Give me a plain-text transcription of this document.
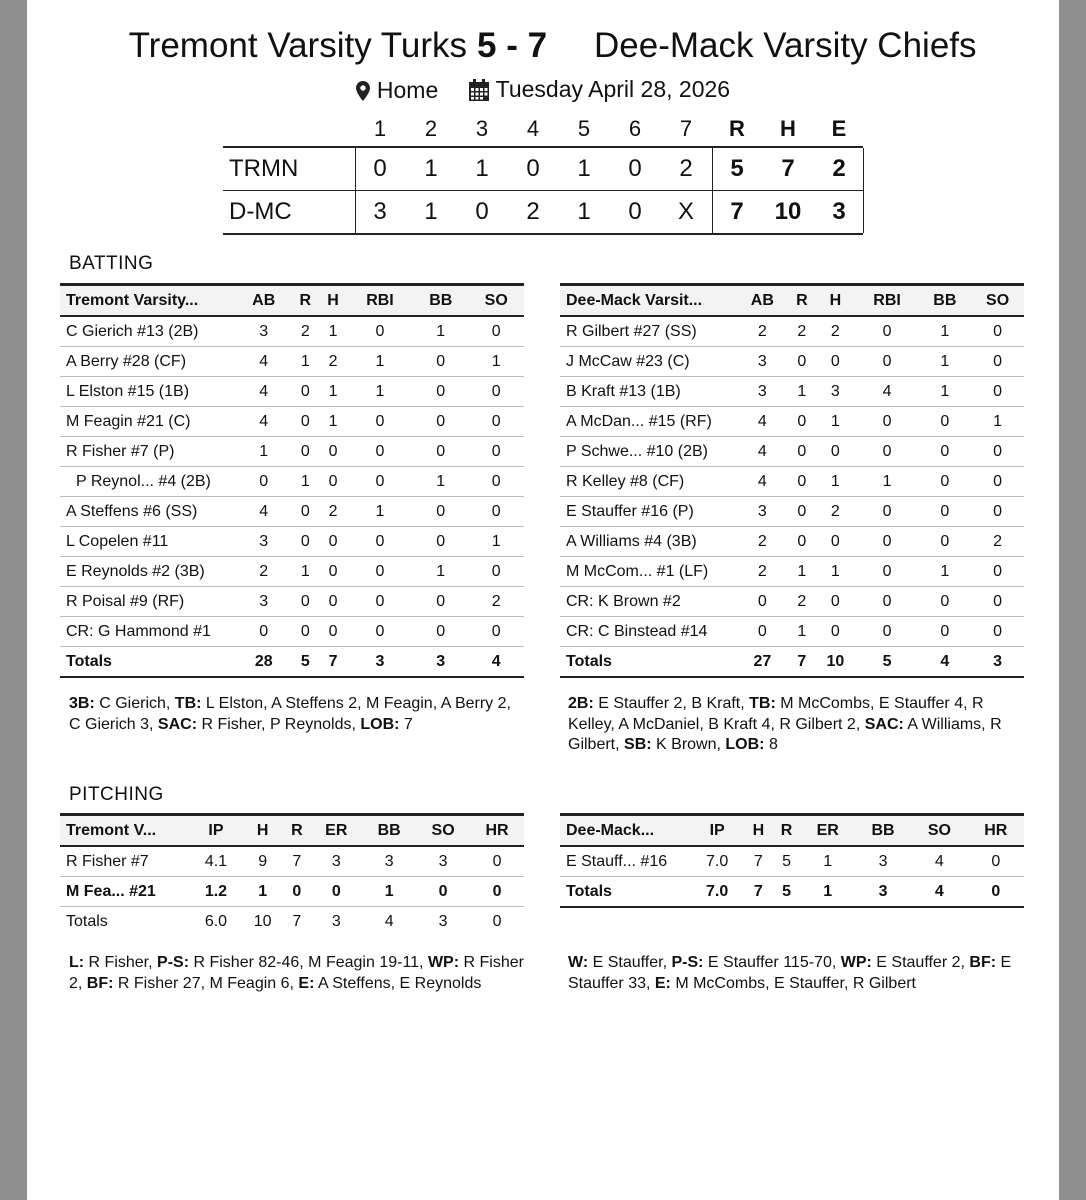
Tremont Varsity Turks 5 - 7 Dee-Mack Varsity Chiefs
Home
Tuesday April 28, 2026
1	2	3	4	5	6	7	R	H	E
TRMN	0	1	1	0	1	0	2	5	7	2
D-MC	3	1	0	2	1	0	X	7	10	3
BATTING
Tremont Varsity...	AB	R	H	RBI	BB	SO
C Gierich #13 (2B)	3	2	1	0	1	0
A Berry #28 (CF)	4	1	2	1	0	1
L Elston #15 (1B)	4	0	1	1	0	0
M Feagin #21 (C)	4	0	1	0	0	0
R Fisher #7 (P)	1	0	0	0	0	0
P Reynol... #4 (2B)	0	1	0	0	1	0
A Steffens #6 (SS)	4	0	2	1	0	0
L Copelen #11	3	0	0	0	0	1
E Reynolds #2 (3B)	2	1	0	0	1	0
R Poisal #9 (RF)	3	0	0	0	0	2
CR: G Hammond #1	0	0	0	0	0	0
Totals	28	5	7	3	3	4
Dee-Mack Varsit...	AB	R	H	RBI	BB	SO
R Gilbert #27 (SS)	2	2	2	0	1	0
J McCaw #23 (C)	3	0	0	0	1	0
B Kraft #13 (1B)	3	1	3	4	1	0
A McDan... #15 (RF)	4	0	1	0	0	1
P Schwe... #10 (2B)	4	0	0	0	0	0
R Kelley #8 (CF)	4	0	1	1	0	0
E Stauffer #16 (P)	3	0	2	0	0	0
A Williams #4 (3B)	2	0	0	0	0	2
M McCom... #1 (LF)	2	1	1	0	1	0
CR: K Brown #2	0	2	0	0	0	0
CR: C Binstead #14	0	1	0	0	0	0
Totals	27	7	10	5	4	3
3B: C Gierich, TB: L Elston, A Steffens 2, M Feagin, A Berry 2, C Gierich 3, SAC: R Fisher, P Reynolds, LOB: 7
2B: E Stauffer 2, B Kraft, TB: M McCombs, E Stauffer 4, R Kelley, A McDaniel, B Kraft 4, R Gilbert 2, SAC: A Williams, R Gilbert, SB: K Brown, LOB: 8
PITCHING
Tremont V...	IP	H	R	ER	BB	SO	HR
R Fisher #7	4.1	9	7	3	3	3	0
M Fea... #21	1.2	1	0	0	1	0	0
Totals	6.0	10	7	3	4	3	0
Dee-Mack...	IP	H	R	ER	BB	SO	HR
E Stauff... #16	7.0	7	5	1	3	4	0
Totals	7.0	7	5	1	3	4	0
L: R Fisher, P-S: R Fisher 82-46, M Feagin 19-11, WP: R Fisher 2, BF: R Fisher 27, M Feagin 6, E: A Steffens, E Reynolds
W: E Stauffer, P-S: E Stauffer 115-70, WP: E Stauffer 2, BF: E Stauffer 33, E: M McCombs, E Stauffer, R Gilbert
